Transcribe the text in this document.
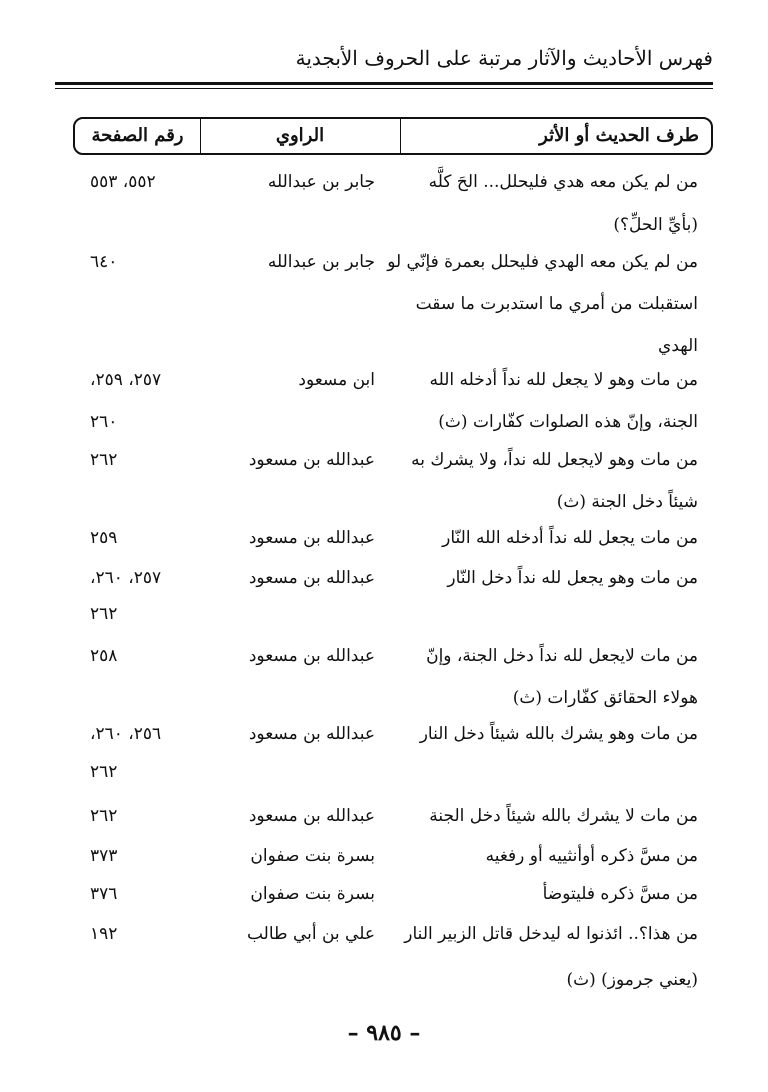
فهرس الأحاديث والآثار مرتبة على الحروف الأبجدية
رقم الصفحة	الراوي	طرف الحديث أو الأثر
من لم يكن معه هدي فليحلل... الحَ كلَّه
جابر بن عبدالله
٥٥٢، ٥٥٣
(بأيِّ الحلِّ؟)
من لم يكن معه الهدي فليحلل بعمرة فإنّي لو
جابر بن عبدالله
٦٤٠
استقبلت من أمري ما استدبرت ما سقت
الهدي
من مات وهو لا يجعل لله نداً أدخله الله
ابن مسعود
٢٥٧، ٢٥٩،
الجنة، وإنّ هذه الصلوات كفّارات (ث)
٢٦٠
من مات وهو لايجعل لله نداً، ولا يشرك به
عبدالله بن مسعود
٢٦٢
شيئاً دخل الجنة (ث)
من مات يجعل لله نداً أدخله الله النّار
عبدالله بن مسعود
٢٥٩
من مات وهو يجعل لله نداً دخل النّار
عبدالله بن مسعود
٢٥٧، ٢٦٠،
٢٦٢
من مات لايجعل لله نداً دخل الجنة، وإنّ
عبدالله بن مسعود
٢٥٨
هولاء الحقائق كفّارات (ث)
من مات وهو يشرك بالله شيئاً دخل النار
عبدالله بن مسعود
٢٥٦، ٢٦٠،
٢٦٢
من مات لا يشرك بالله شيئاً دخل الجنة
عبدالله بن مسعود
٢٦٢
من مسَّ ذكره أوأنثييه أو رفغيه
بسرة بنت صفوان
٣٧٣
من مسَّ ذكره فليتوضأ
بسرة بنت صفوان
٣٧٦
من هذا؟.. ائذنوا له ليدخل قاتل الزبير النار
علي بن أبي طالب
١٩٢
(يعني جرموز) (ث)
– ٩٨٥ –
